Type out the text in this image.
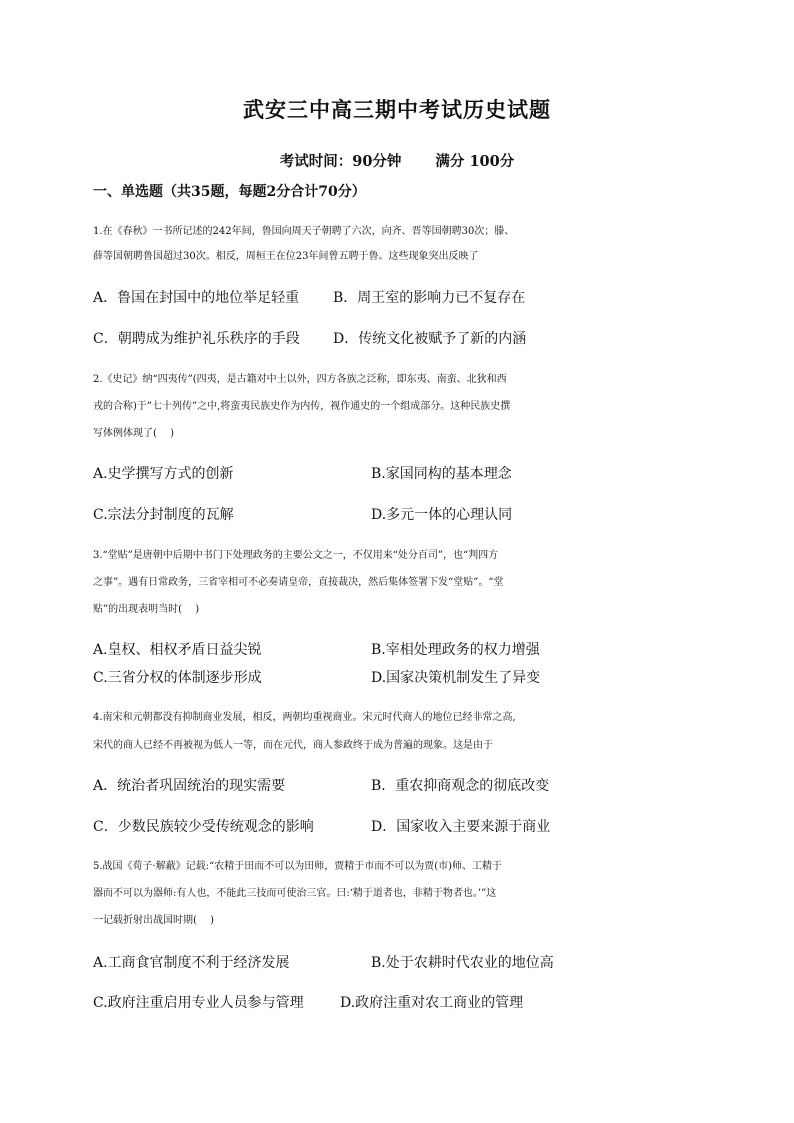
武安三中高三期中考试历史试题
考试时间：90分钟 满分 100分
一、单选题（共35题，每题2分合计70分）
1.在《春秋》一书所记述的242年间，鲁国向周天子朝聘了六次，向齐、晋等国朝聘30次；滕、
薛等国朝聘鲁国超过30次。相反，周桓王在位23年间曾五聘于鲁。这些现象突出反映了
A．鲁国在封国中的地位举足轻重 B．周王室的影响力已不复存在
C．朝聘成为维护礼乐秩序的手段 D．传统文化被赋予了新的内涵
2.《史记》纳“四夷传”(四夷，是古籍对中土以外，四方各族之泛称，即东夷、南蛮、北狄和西
戎的合称)于”七十列传”之中,将蛮夷民族史作为内传，视作通史的一个组成部分。这种民族史撰
写体例体现了(　 )
A.史学撰写方式的创新	B.家国同构的基本理念
C.宗法分封制度的瓦解	D.多元一体的心理认同
3.“堂贴”是唐朝中后期中书门下处理政务的主要公文之一，不仅用来“处分百司”，也“判四方
之事”。遇有日常政务，三省宰相可不必奏请皇帝，直接裁决，然后集体签署下发“堂贴”。“堂
贴”的出现表明当时(　 )
A.皇权、相权矛盾日益尖锐	B.宰相处理政务的权力增强
C.三省分权的体制逐步形成	D.国家决策机制发生了异变
4.南宋和元朝都没有抑制商业发展，相反，两朝均重视商业。宋元时代商人的地位已经非常之高,
宋代的商人已经不再被视为低人一等，而在元代，商人参政终于成为普遍的现象。这是由于
A．统治者巩固统治的现实需要	B．重农抑商观念的彻底改变
C．少数民族较少受传统观念的影响	D．国家收入主要来源于商业
5.战国《荀子·解蔽》记载:“农精于田而不可以为田师，贾精于市而不可以为贾(市)师、工精于
器而不可以为器师:有人也，不能此三技而可使治三官。曰:‘精于道者也，非精于物者也。’”这
一记载折射出战国时期(　 )
A.工商食官制度不利于经济发展	B.处于农耕时代农业的地位高
C.政府注重启用专业人员参与管理	D.政府注重对农工商业的管理
